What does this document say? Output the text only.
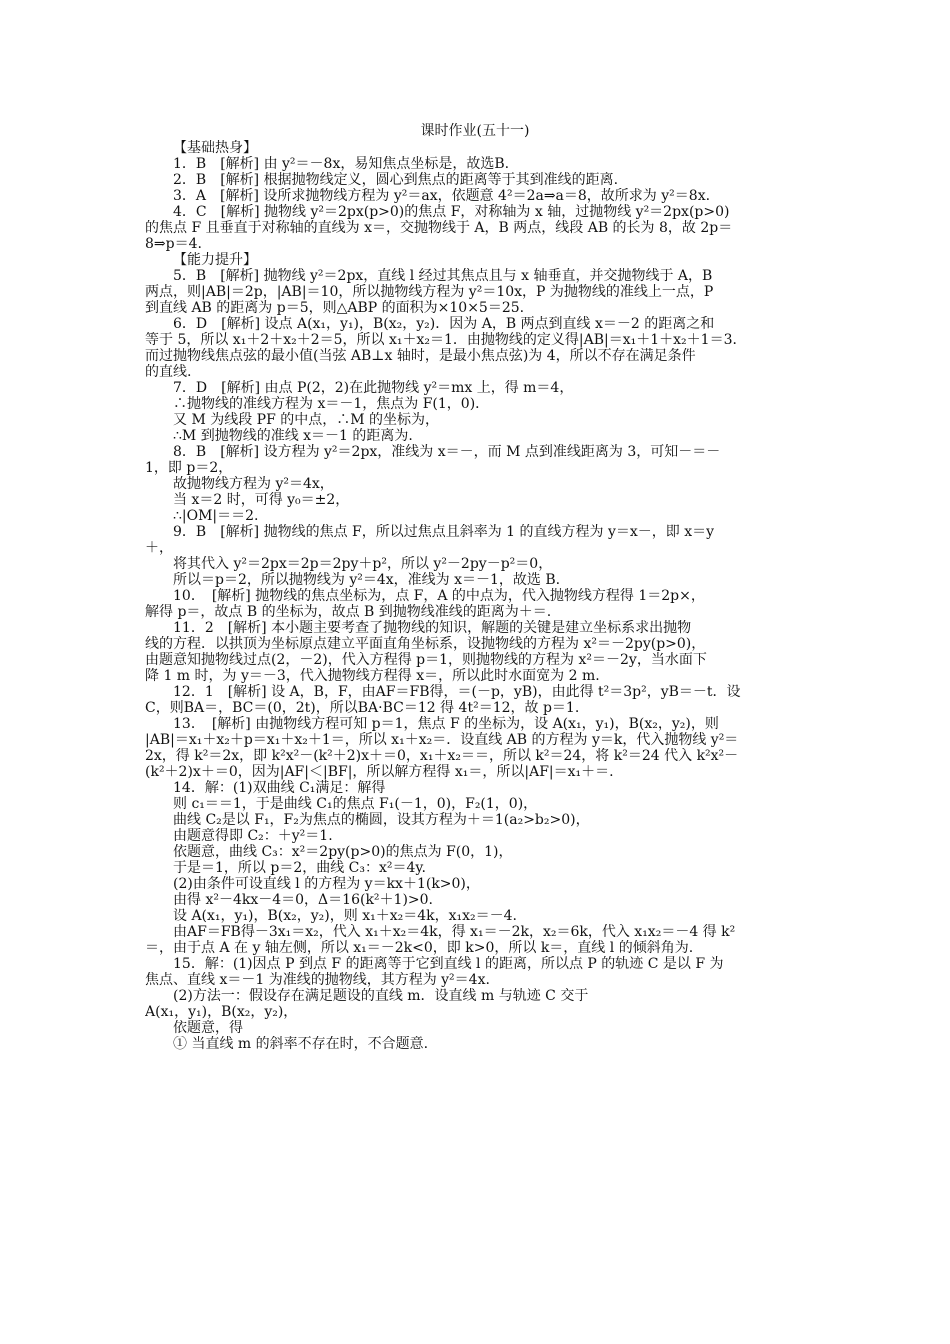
课时作业(五十一)
【基础热身】
1．B　[解析] 由 y²＝－8x，易知焦点坐标是，故选B.
2．B　[解析] 根据抛物线定义，圆心到焦点的距离等于其到准线的距离.
3．A　[解析] 设所求抛物线方程为 y²＝ax，依题意 4²＝2a⇒a＝8，故所求为 y²＝8x.
4．C　[解析] 抛物线 y²＝2px(p>0)的焦点 F，对称轴为 x 轴，过抛物线 y²＝2px(p>0)
的焦点 F 且垂直于对称轴的直线为 x＝，交抛物线于 A，B 两点，线段 AB 的长为 8，故 2p＝
8⇒p＝4.
【能力提升】
5．B　[解析] 抛物线 y²＝2px，直线 l 经过其焦点且与 x 轴垂直，并交抛物线于 A，B
两点，则|AB|＝2p，|AB|＝10，所以抛物线方程为 y²＝10x，P 为抛物线的准线上一点，P
到直线 AB 的距离为 p＝5，则△ABP 的面积为×10×5＝25.
6．D　[解析] 设点 A(x₁，y₁)，B(x₂，y₂)．因为 A，B 两点到直线 x＝－2 的距离之和
等于 5，所以 x₁＋2＋x₂＋2＝5，所以 x₁＋x₂＝1．由抛物线的定义得|AB|＝x₁＋1＋x₂＋1＝3．
而过抛物线焦点弦的最小值(当弦 AB⊥x 轴时，是最小焦点弦)为 4，所以不存在满足条件
的直线.
7．D　[解析] 由点 P(2，2)在此抛物线 y²＝mx 上，得 m＝4，
∴抛物线的准线方程为 x＝－1，焦点为 F(1，0)．
又 M 为线段 PF 的中点，∴M 的坐标为，
∴M 到抛物线的准线 x＝－1 的距离为.
8．B　[解析] 设方程为 y²＝2px，准线为 x＝－，而 M 点到准线距离为 3，可知－＝－
1，即 p＝2，
故抛物线方程为 y²＝4x，
当 x＝2 时，可得 y₀＝±2，
∴|OM|＝＝2.
9．B　[解析] 抛物线的焦点 F，所以过焦点且斜率为 1 的直线方程为 y＝x－，即 x＝y
＋，
将其代入 y²＝2px＝2p＝2py＋p²，所以 y²－2py－p²＝0，
所以＝p＝2，所以抛物线为 y²＝4x，准线为 x＝－1，故选 B.
10．　[解析] 抛物线的焦点坐标为，点 F，A 的中点为，代入抛物线方程得 1＝2p×，
解得 p＝，故点 B 的坐标为，故点 B 到抛物线准线的距离为＋＝.
11．2　[解析] 本小题主要考查了抛物线的知识，解题的关键是建立坐标系求出抛物
线的方程．以拱顶为坐标原点建立平面直角坐标系，设抛物线的方程为 x²＝－2py(p>0)，
由题意知抛物线过点(2，－2)，代入方程得 p＝1，则抛物线的方程为 x²＝－2y，当水面下
降 1 m 时，为 y＝－3，代入抛物线方程得 x＝，所以此时水面宽为 2 m.
12．1　[解析] 设 A，B，F，由AF＝FB得，＝(－p，yB)，由此得 t²＝3p²，yB＝－t．设
C，则BA＝，BC＝(0，2t)，所以BA·BC＝12 得 4t²＝12，故 p＝1.
13．　[解析] 由抛物线方程可知 p＝1，焦点 F 的坐标为，设 A(x₁，y₁)，B(x₂，y₂)，则
|AB|＝x₁＋x₂＋p＝x₁＋x₂＋1＝，所以 x₁＋x₂＝．设直线 AB 的方程为 y＝k，代入抛物线 y²＝
2x，得 k²＝2x，即 k²x²－(k²＋2)x＋＝0，x₁＋x₂＝＝，所以 k²＝24，将 k²＝24 代入 k²x²－
(k²＋2)x＋＝0，因为|AF|＜|BF|，所以解方程得 x₁＝，所以|AF|＝x₁＋＝.
14．解：(1)双曲线 C₁满足：解得
则 c₁＝＝1，于是曲线 C₁的焦点 F₁(－1，0)，F₂(1，0)，
曲线 C₂是以 F₁，F₂为焦点的椭圆，设其方程为＋＝1(a₂>b₂>0)，
由题意得即 C₂：＋y²＝1.
依题意，曲线 C₃：x²＝2py(p>0)的焦点为 F(0，1)，
于是＝1，所以 p＝2，曲线 C₃：x²＝4y.
(2)由条件可设直线 l 的方程为 y＝kx＋1(k>0)，
由得 x²－4kx－4＝0，Δ＝16(k²＋1)>0.
设 A(x₁，y₁)，B(x₂，y₂)，则 x₁＋x₂＝4k，x₁x₂＝－4.
由AF＝FB得－3x₁＝x₂，代入 x₁＋x₂＝4k，得 x₁＝－2k，x₂＝6k，代入 x₁x₂＝－4 得 k²
＝，由于点 A 在 y 轴左侧，所以 x₁＝－2k<0，即 k>0，所以 k＝，直线 l 的倾斜角为.
15．解：(1)因点 P 到点 F 的距离等于它到直线 l 的距离，所以点 P 的轨迹 C 是以 F 为
焦点、直线 x＝－1 为准线的抛物线，其方程为 y²＝4x.
(2)方法一：假设存在满足题设的直线 m．设直线 m 与轨迹 C 交于
A(x₁，y₁)，B(x₂，y₂)，
依题意，得
① 当直线 m 的斜率不存在时，不合题意.
